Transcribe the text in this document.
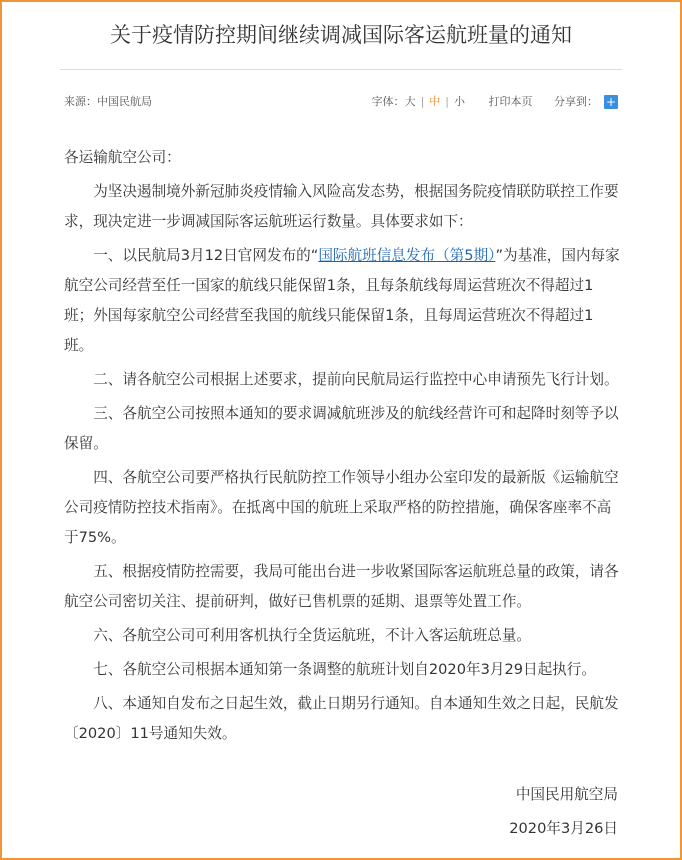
关于疫情防控期间继续调减国际客运航班量的通知
来源：中国民航局	字体：大 | 中 | 小 打印本页 分享到： +

各运输航空公司：

为坚决遏制境外新冠肺炎疫情输入风险高发态势，根据国务院疫情联防联控工作要求，现决定进一步调减国际客运航班运行数量。具体要求如下：

一、以民航局3月12日官网发布的“国际航班信息发布（第5期）”为基准，国内每家航空公司经营至任一国家的航线只能保留1条，且每条航线每周运营班次不得超过1班；外国每家航空公司经营至我国的航线只能保留1条，且每周运营班次不得超过1班。

二、请各航空公司根据上述要求，提前向民航局运行监控中心申请预先飞行计划。

三、各航空公司按照本通知的要求调减航班涉及的航线经营许可和起降时刻等予以保留。

四、各航空公司要严格执行民航防控工作领导小组办公室印发的最新版《运输航空公司疫情防控技术指南》。在抵离中国的航班上采取严格的防控措施，确保客座率不高于75%。

五、根据疫情防控需要，我局可能出台进一步收紧国际客运航班总量的政策，请各航空公司密切关注、提前研判，做好已售机票的延期、退票等处置工作。

六、各航空公司可利用客机执行全货运航班，不计入客运航班总量。

七、各航空公司根据本通知第一条调整的航班计划自2020年3月29日起执行。

八、本通知自发布之日起生效，截止日期另行通知。自本通知生效之日起，民航发〔2020〕11号通知失效。

中国民用航空局
2020年3月26日
